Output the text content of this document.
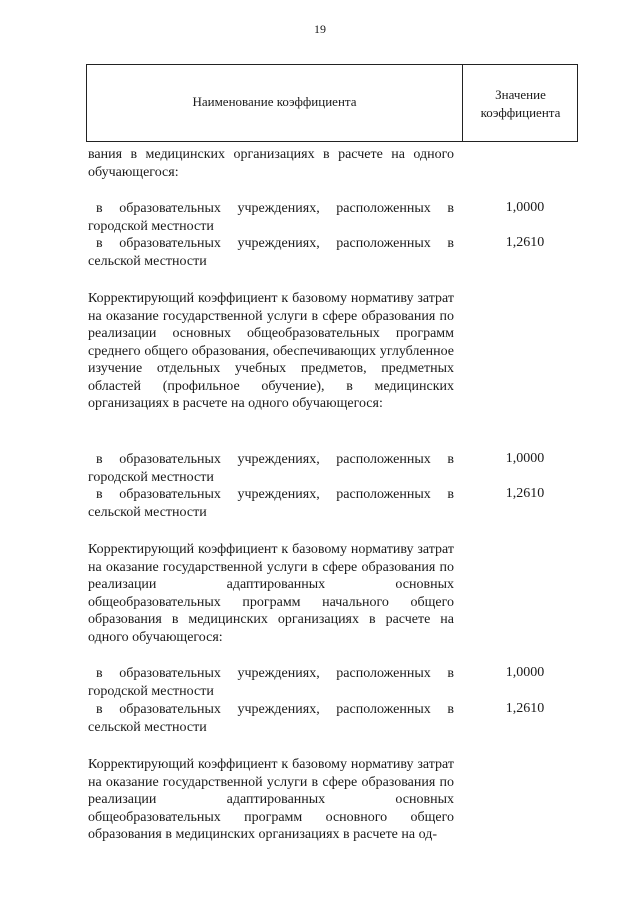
19
Наименование коэффициента	Значение
коэффициента
вания в медицинских организациях в расчете на одного
обучающегося:
в образовательных учреждениях, расположенных в
городской местности
1,0000
в образовательных учреждениях, расположенных в
сельской местности
1,2610
Корректирующий коэффициент к базовому нормативу затрат на оказание государственной услуги в сфере образования по реализации основных общеобразовательных программ среднего общего образования, обеспечивающих углубленное изучение отдельных учебных предметов, предметных областей (профильное обучение), в медицинских организациях в расчете на одного обучающегося:
в образовательных учреждениях, расположенных в
городской местности
1,0000
в образовательных учреждениях, расположенных в
сельской местности
1,2610
Корректирующий коэффициент к базовому нормативу затрат на оказание государственной услуги в сфере образования по реализации адаптированных основных общеобразовательных программ начального общего образования в медицинских организациях в расчете на одного обучающегося:
в образовательных учреждениях, расположенных в
городской местности
1,0000
в образовательных учреждениях, расположенных в
сельской местности
1,2610
Корректирующий коэффициент к базовому нормативу затрат на оказание государственной услуги в сфере образования по реализации адаптированных основных общеобразовательных программ основного общего образования в медицинских организациях в расчете на од-
